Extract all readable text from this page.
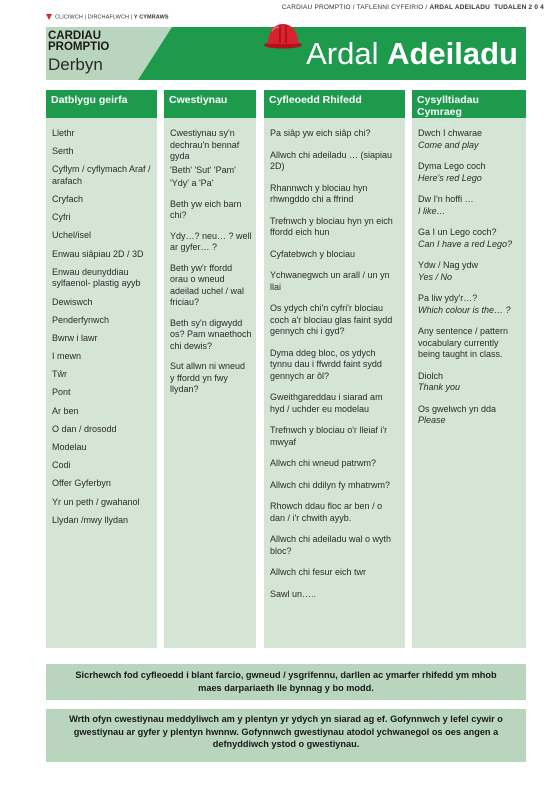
CARDIAU PROMPTIO / TAFLENNI CYFEIRIO / ARDAL ADEILADU TUDALEN 2 0 4
CLICIWCH | DIRCHAFLWCH | Y CYMRAWS
CARDIAU
PROMPTIO
Derbyn	Ardal Adeiladu
Datblygu geirfa
Llethr
Serth
Cyflym / cyflymach Araf / arafach
Cryfach
Cyfri
Uchel/isel
Enwau siâpiau 2D / 3D
Enwau deunyddiau sylfaenol- plastig ayyb
Dewiswch
Penderfynwch
Bwrw i lawr
I mewn
Tŵr
Pont
Ar ben
O dan / drosodd
Modelau
Codi
Offer Gyferbyn
Yr un peth / gwahanol
Llydan /mwy llydan
Cwestiynau
Cwestiynau sy'n dechrau'n bennaf gyda
'Beth' 'Sut' 'Pam'
'Ydy' a 'Pa'
Beth yw eich barn chi?
Ydy…? neu… ? well ar gyfer… ?
Beth yw'r ffordd orau o wneud adeilad uchel / wal friciau?
Beth sy'n digwydd os? Pam wnaethoch chi dewis?
Sut allwn ni wneud y ffordd yn fwy llydan?
Cyfleoedd Rhifedd
Pa siâp yw eich siâp chi?
Allwch chi adeiladu … (siapiau 2D)
Rhannwch y blociau hyn rhwngddo chi a ffrind
Trefnwch y blociau hyn yn eich ffordd eich hun
Cyfatebwch y blociau
Ychwanegwch un arall / un yn llai
Os ydych chi'n cyfri'r blociau coch a'r blociau glas faint sydd gennych chi i gyd?
Dyma ddeg bloc, os ydych tynnu dau i ffwrdd faint sydd gennych ar ôl?
Gweithgareddau i siarad am hyd / uchder eu modelau
Trefnwch y blociau o'r lleiaf i'r mwyaf
Allwch chi wneud patrwm?
Allwch chi ddilyn fy mhatrwm?
Rhowch ddau floc ar ben / o dan / i'r chwith ayyb.
Allwch chi adeiladu wal o wyth bloc?
Allwch chi fesur eich twr
Sawl un…..
Cysylltiadau Cymraeg
(Cymru / Eng)
Dwch I chwarae
Come and play
Dyma Lego coch
Here's red Lego
Dw I'n hoffi …
I like…
Ga I un Lego coch?
Can I have a red Lego?
Ydw / Nag ydw
Yes / No
Pa liw ydy'r…?
Which colour is the… ?
Any sentence / pattern vocabulary currently being taught in class.
Diolch
Thank you
Os gwelwch yn dda
Please
Sicrhewch fod cyfleoedd i blant farcio, gwneud / ysgrifennu, darllen ac ymarfer rhifedd ym mhob maes darpariaeth lle bynnag y bo modd.
Wrth ofyn cwestiynau meddyliwch am y plentyn yr ydych yn siarad ag ef. Gofynnwch y lefel cywir o gwestiynau ar gyfer y plentyn hwnnw. Gofynnwch gwestiynau atodol ychwanegol os oes angen a defnyddiwch ystod o gwestiynau.
